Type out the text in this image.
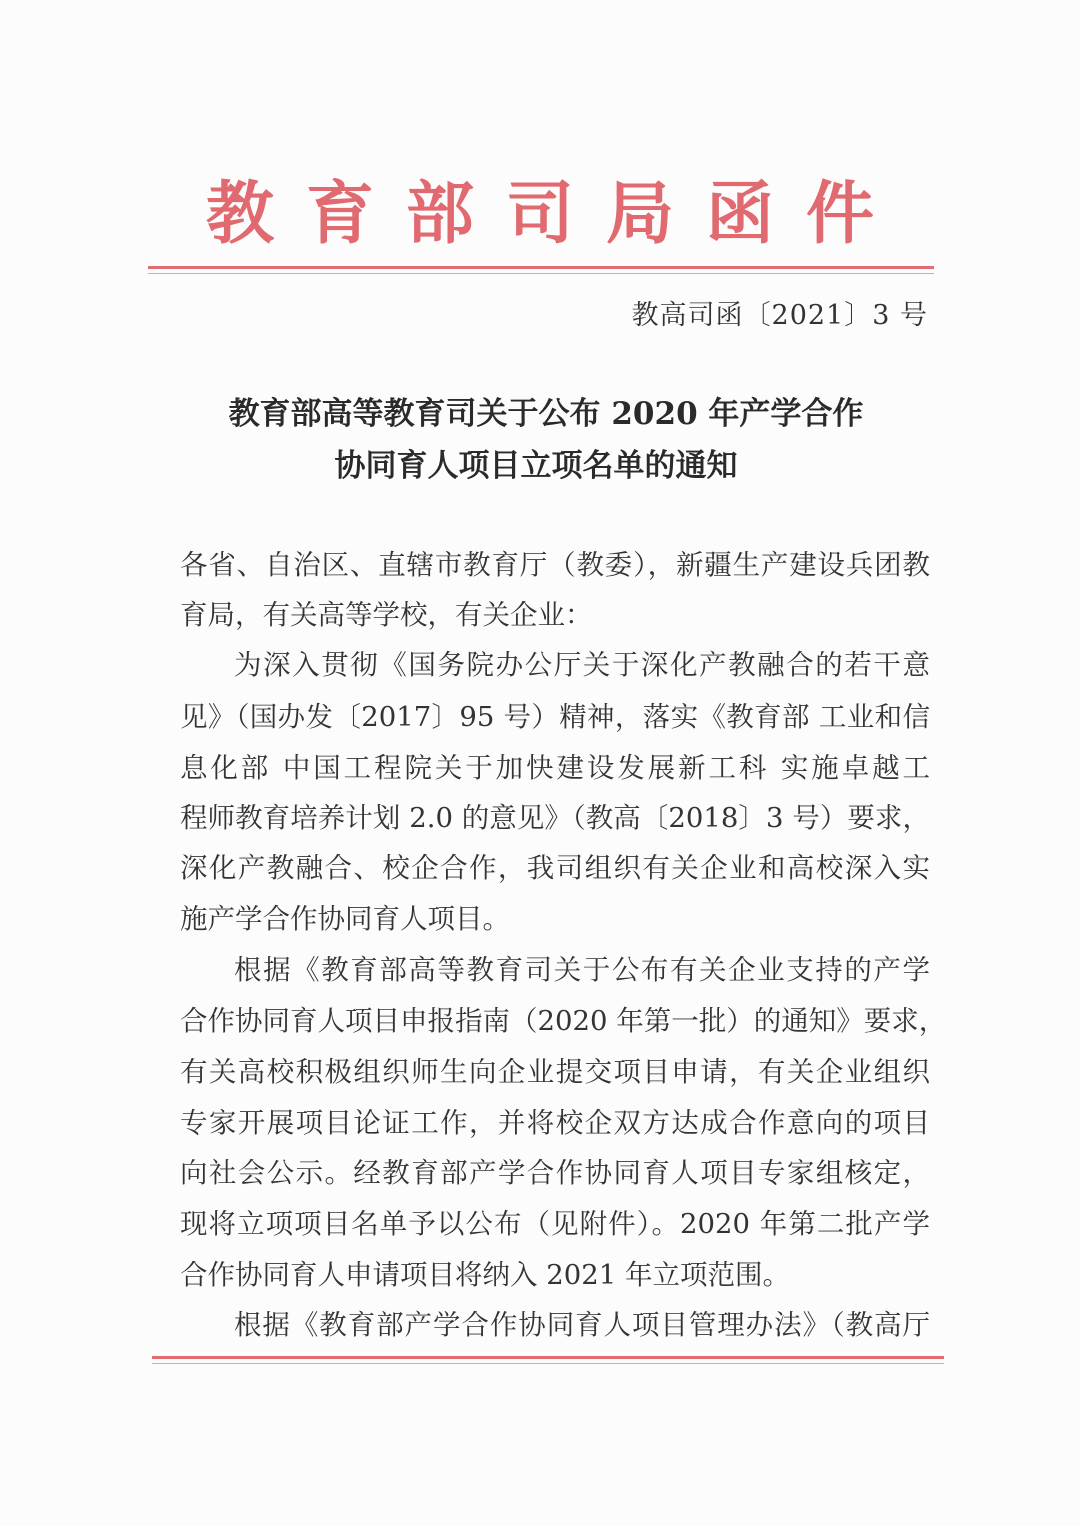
教育部司局函件
教高司函〔2021〕3 号
教育部高等教育司关于公布 2020 年产学合作
协同育人项目立项名单的通知
各省、自治区、直辖市教育厅（教委），新疆生产建设兵团教
育局，有关高等学校，有关企业：
为深入贯彻《国务院办公厅关于深化产教融合的若干意
见》（国办发〔2017〕95 号）精神，落实《教育部 工业和信
息化部 中国工程院关于加快建设发展新工科 实施卓越工
程师教育培养计划 2.0 的意见》（教高〔2018〕3 号）要求，
深化产教融合、校企合作，我司组织有关企业和高校深入实
施产学合作协同育人项目。
根据《教育部高等教育司关于公布有关企业支持的产学
合作协同育人项目申报指南（2020 年第一批）的通知》要求，
有关高校积极组织师生向企业提交项目申请，有关企业组织
专家开展项目论证工作，并将校企双方达成合作意向的项目
向社会公示。经教育部产学合作协同育人项目专家组核定，
现将立项项目名单予以公布（见附件）。2020 年第二批产学
合作协同育人申请项目将纳入 2021 年立项范围。
根据《教育部产学合作协同育人项目管理办法》（教高厅
